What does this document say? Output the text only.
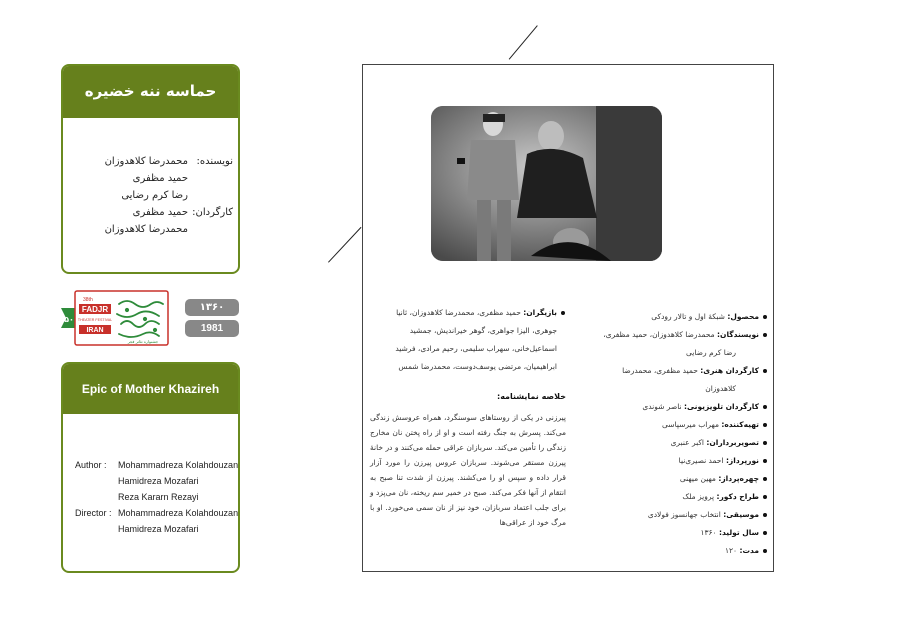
حماسه ننه خضیره
نویسنده:
محمدرضا کلاهدوزان
حمید مظفری
رضا کرم رضایی
کارگردان:
حمید مظفری
محمدرضا کلاهدوزان
۵۰
38th
FADJR
THEATER FESTIVAL
IRAN
جشنواره تئاتر فجر
۱۳۶۰
1981
Epic of Mother Khazireh
Author : Mohammadreza Kolahdouzan
Hamidreza Mozafari
Reza Kararn Rezayi
Director : Mohammadreza Kolahdouzan
Hamidreza Mozafari
محصول: شبکهٔ اول و تالار رودکی
نویسندگان: محمدرضا کلاهدوزان، حمید مظفری،
رضا کرم رضایی
کارگردان هنری: حمید مظفری، محمدرضا
کلاهدوزان
کارگردان تلویزیونی: ناصر شوندی
تهیه‌کننده: مهراب میرسپاسی
تصویربرداران: اکبر عنبری
نورپرداز: احمد نصیری‌نیا
چهره‌پرداز: مهین میهنی
طراح دکور: پرویز ملک
موسیقی: انتخاب جهانسوز فولادی
سال تولید: ۱۳۶۰
مدت: ۱۲۰
بازیگران: حمید مظفری، محمدرضا کلاهدوزان، ثانیا جوهری، الیزا جواهری، گوهر خیراندیش، جمشید اسماعیل‌خانی، سهراب سلیمی، رحیم مرادی، فرشید ابراهیمیان، مرتضی یوسف‌دوست، محمدرضا شمس
خلاصه نمایشنامه:
پیرزنی در یکی از روستاهای سوسنگرد، همراه عروسش زندگی می‌کند. پسرش به جنگ رفته است و او از راه پختن نان مخارج زندگی را تأمین می‌کند. سربازان عراقی حمله می‌کنند و در خانهٔ پیرزن مستقر می‌شوند. سربازان عروس پیرزن را مورد آزار قرار داده و سپس او را می‌کشند. پیرزن از شدت تنا صبح به انتقام از آنها فکر می‌کند. صبح در خمیر سم ریخته، نان می‌پزد و برای جلب اعتماد سربازان، خود نیز از نان سمی می‌خورد. او با مرگ خود از عراقی‌ها
